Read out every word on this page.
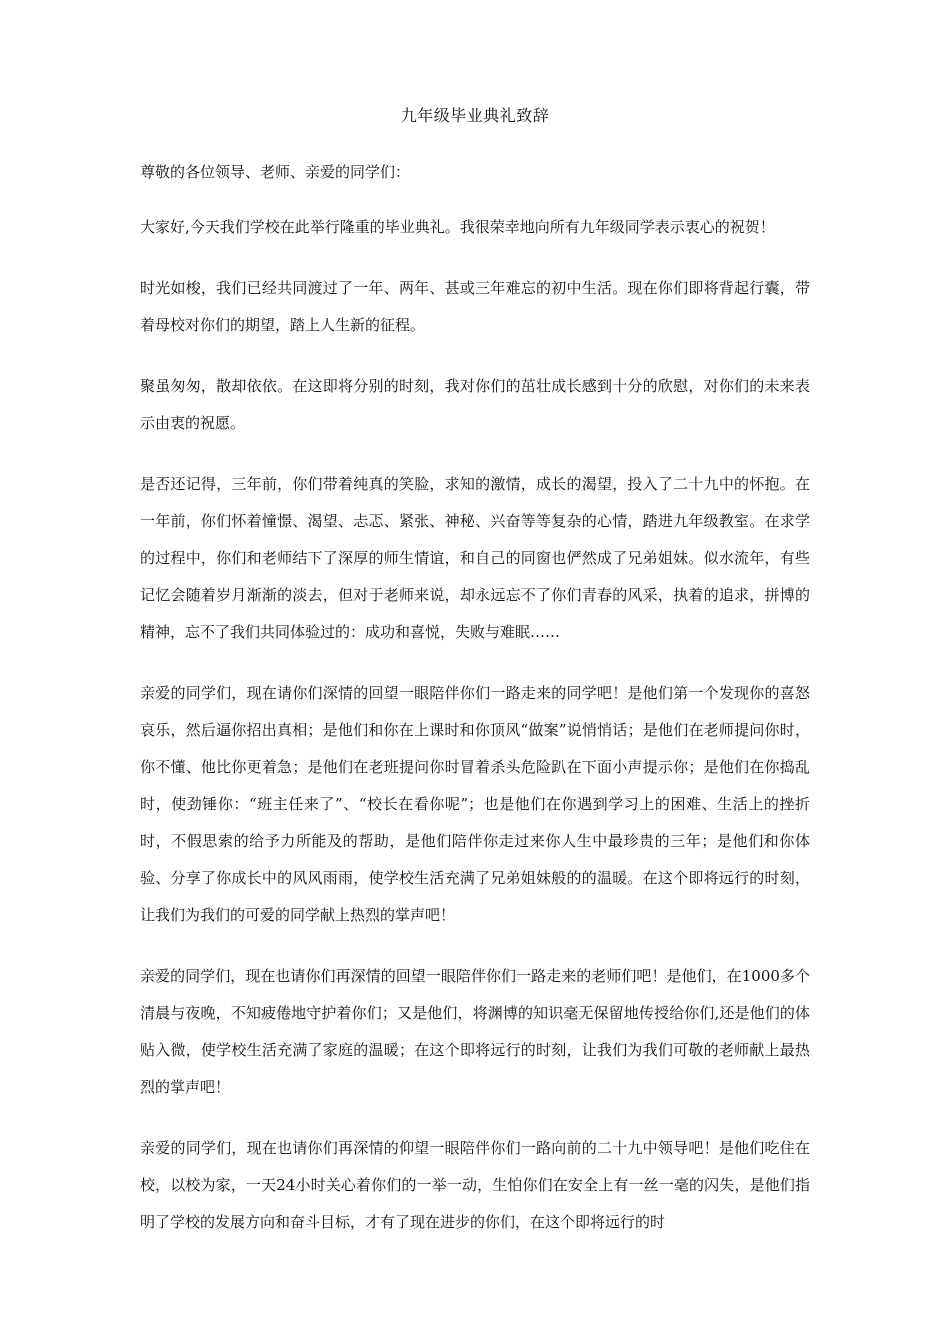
九年级毕业典礼致辞

尊敬的各位领导、老师、亲爱的同学们：

大家好,今天我们学校在此举行隆重的毕业典礼。我很荣幸地向所有九年级同学表示衷心的祝贺！

时光如梭，我们已经共同渡过了一年、两年、甚或三年难忘的初中生活。现在你们即将背起行囊，带着母校对你们的期望，踏上人生新的征程。

聚虽匆匆，散却依依。在这即将分别的时刻，我对你们的茁壮成长感到十分的欣慰，对你们的未来表示由衷的祝愿。

是否还记得，三年前，你们带着纯真的笑脸，求知的激情，成长的渴望，投入了二十九中的怀抱。在一年前，你们怀着憧憬、渴望、忐忑、紧张、神秘、兴奋等等复杂的心情，踏进九年级教室。在求学的过程中，你们和老师结下了深厚的师生情谊，和自己的同窗也俨然成了兄弟姐妹。似水流年，有些记忆会随着岁月渐渐的淡去，但对于老师来说，却永远忘不了你们青春的风采，执着的追求，拼博的精神，忘不了我们共同体验过的：成功和喜悦，失败与难眠……

亲爱的同学们，现在请你们深情的回望一眼陪伴你们一路走来的同学吧！是他们第一个发现你的喜怒哀乐，然后逼你招出真相；是他们和你在上课时和你顶风“做案”说悄悄话；是他们在老师提问你时，你不懂、他比你更着急；是他们在老班提问你时冒着杀头危险趴在下面小声提示你；是他们在你捣乱时，使劲锤你：“班主任来了”、“校长在看你呢”；也是他们在你遇到学习上的困难、生活上的挫折时，不假思索的给予力所能及的帮助，是他们陪伴你走过来你人生中最珍贵的三年；是他们和你体验、分享了你成长中的风风雨雨，使学校生活充满了兄弟姐妹般的的温暖。在这个即将远行的时刻，让我们为我们的可爱的同学献上热烈的掌声吧！

亲爱的同学们，现在也请你们再深情的回望一眼陪伴你们一路走来的老师们吧！是他们，在1000多个清晨与夜晚，不知疲倦地守护着你们；又是他们，将渊博的知识毫无保留地传授给你们,还是他们的体贴入微，使学校生活充满了家庭的温暖；在这个即将远行的时刻，让我们为我们可敬的老师献上最热烈的掌声吧！

亲爱的同学们，现在也请你们再深情的仰望一眼陪伴你们一路向前的二十九中领导吧！是他们吃住在校，以校为家，一天24小时关心着你们的一举一动，生怕你们在安全上有一丝一毫的闪失，是他们指明了学校的发展方向和奋斗目标，才有了现在进步的你们，在这个即将远行的时
